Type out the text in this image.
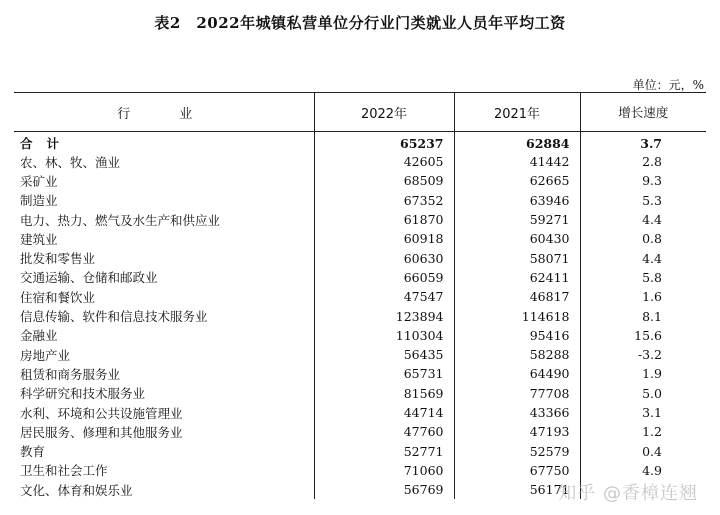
表2　2022年城镇私营单位分行业门类就业人员年平均工资
单位：元，%
行　业	2022年	2021年	增长速度
合计	65237	62884	3.7
农、林、牧、渔业	42605	41442	2.8
采矿业	68509	62665	9.3
制造业	67352	63946	5.3
电力、热力、燃气及水生产和供应业	61870	59271	4.4
建筑业	60918	60430	0.8
批发和零售业	60630	58071	4.4
交通运输、仓储和邮政业	66059	62411	5.8
住宿和餐饮业	47547	46817	1.6
信息传输、软件和信息技术服务业	123894	114618	8.1
金融业	110304	95416	15.6
房地产业	56435	58288	-3.2
租赁和商务服务业	65731	64490	1.9
科学研究和技术服务业	81569	77708	5.0
水利、环境和公共设施管理业	44714	43366	3.1
居民服务、修理和其他服务业	47760	47193	1.2
教育	52771	52579	0.4
卫生和社会工作	71060	67750	4.9
文化、体育和娱乐业	56769	56171	
知乎 @香樟连翘
